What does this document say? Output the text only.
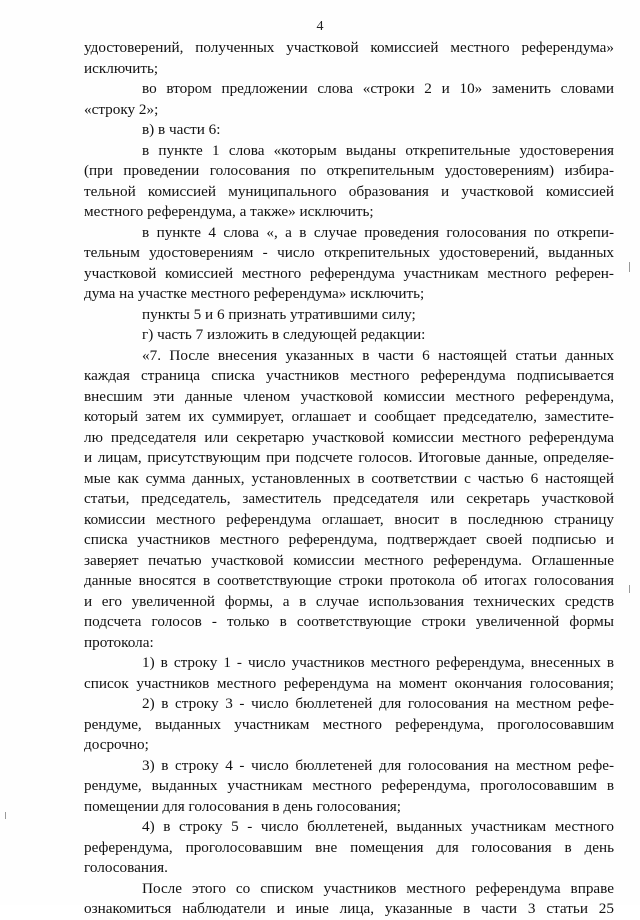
4
удостоверений, полученных участковой комиссией местного референдума»
исключить;
во втором предложении слова «строки 2 и 10» заменить словами
«строку 2»;
в) в части 6:
в пункте 1 слова «которым выданы открепительные удостоверения
(при проведении голосования по открепительным удостоверениям) избира-
тельной комиссией муниципального образования и участковой комиссией
местного референдума, а также» исключить;
в пункте 4 слова «, а в случае проведения голосования по открепи-
тельным удостоверениям - число открепительных удостоверений, выданных
участковой комиссией местного референдума участникам местного референ-
дума на участке местного референдума» исключить;
пункты 5 и 6 признать утратившими силу;
г) часть 7 изложить в следующей редакции:
«7. После внесения указанных в части 6 настоящей статьи данных
каждая страница списка участников местного референдума подписывается
внесшим эти данные членом участковой комиссии местного референдума,
который затем их суммирует, оглашает и сообщает председателю, заместите-
лю председателя или секретарю участковой комиссии местного референдума
и лицам, присутствующим при подсчете голосов. Итоговые данные, определяе-
мые как сумма данных, установленных в соответствии с частью 6 настоящей
статьи, председатель, заместитель председателя или секретарь участковой
комиссии местного референдума оглашает, вносит в последнюю страницу
списка участников местного референдума, подтверждает своей подписью и
заверяет печатью участковой комиссии местного референдума. Оглашенные
данные вносятся в соответствующие строки протокола об итогах голосования
и его увеличенной формы, а в случае использования технических средств
подсчета голосов - только в соответствующие строки увеличенной формы
протокола:
1) в строку 1 - число участников местного референдума, внесенных в
список участников местного референдума на момент окончания голосования;
2) в строку 3 - число бюллетеней для голосования на местном рефе-
рендуме, выданных участникам местного референдума, проголосовавшим
досрочно;
3) в строку 4 - число бюллетеней для голосования на местном рефе-
рендуме, выданных участникам местного референдума, проголосовавшим в
помещении для голосования в день голосования;
4) в строку 5 - число бюллетеней, выданных участникам местного
референдума, проголосовавшим вне помещения для голосования в день
голосования.
После этого со списком участников местного референдума вправе
ознакомиться наблюдатели и иные лица, указанные в части 3 статьи 25
